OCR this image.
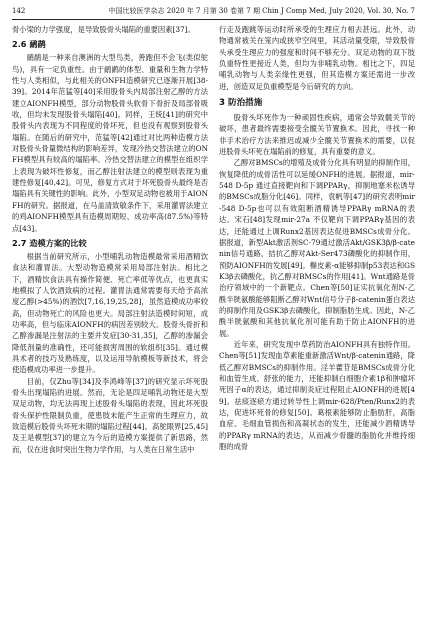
142	中国比较医学杂志 2020 年 7 月第 30 卷第 7 期 Chin J Comp Med, July 2020, Vol. 30, No. 7

骨小梁的力学强度，是导致股骨头塌陷的重要因素[37]。

2.6 鸸鹋

鸸鹋是一种来自澳洲的大型鸟类，善跑但不会飞(类似鸵鸟)，具有一定负重性。由于鸸鹋的体型、重量和生物力学特性与人类相似，与此相关的ONFH造模研究已逐渐开展[38-39]。2014年范猛等[40]采用股骨头内局部注射乙醇的方法建立AIONFH模型，部分动物股骨头软骨下骨折及局部骨吸收，但均未发现股骨头塌陷[40]。同样，王统[41]的研究中股骨头内表现为不同程度的骨坏死，但也没有观察到股骨头塌陷。在随后的研究中，范猛等[42]通过对比两种造模方法对股骨头骨量微结构的影响差异，发现冷热交替法建立的ONFH模型具有较高的塌陷率。冷热交替法建立的模型在组织学上表现为破坏性修复，而乙醇注射法建立的模型则表现为重建性修复[40,42]。可见，修复方式对于坏死股骨头最终是否塌陷具有关键性的影响。此外，小型双足动物也被用于AIONFH的研究。据报道，在马盖清致敏条件下，采用灌胃法建立的鸡AIONFH模型具有造模周期短、成功率高(87.5%)等特点[43]。

2.7 造模方案的比较

根据当前研究所示，小型哺乳动物造模最常采用酒精饮食法和灌胃法。大型动物造模常采用局部注射法。相比之下，酒精饮食法具有操作简便、死亡率低等优点，也更真实地模拟了人饮酒致病的过程。灌胃法通常需要每天给予高浓度乙醇(>45%)的酒饮[7,16,19,25,28]，虽然造模成功率较高，但动物死亡的风险也更大。局部注射法造模时间短，成功率高，但与临床AIONFH的病因差别较大。股骨头骨折和乙醇渗漏是注射法的主要并发症[30-31,35]，乙醇的渗漏会降低剂量的准确性，还可能损害周围的软组织[35]。通过模具术者的技巧及熟练度，以及运用导航模板等新技术，将会使造模成功率进一步提升。

目前，仅Zhu等[34]及李鸿峰等[37]的研究显示坏死股骨头出现塌陷的进展。然而，无论是四足哺乳动物还是大型双足动物，均无法再现上述股骨头塌陷的表现，因此坏死股骨头保护性限制负重，使患肢未能产生正常的生理应力，故致造模后股骨头坏死未期的塌陷过程[44]。高鸵眼界[25,45]及王是模型[37]的建立为今后的造模方案提供了新思路，然而，仅在进食时突出生物力学作用，与人类在日常生活中

行走及跑跳等运动时所承受的生理应力相去甚远。此外，动物通常被关在笼内或狭窄空间里，其活动量受限，导致股骨头承受生理应力的强度和时间不够充分。双足动物的双下肢负重特性更接近人类，但均为非哺乳动物。相比之下，四足哺乳动物与人类亲缘性更强，但其造模方案还需进一步改进，创造双足负重模型是今后研究的方向。

3 防治措施

股骨头坏死作为一种顽固性疾病，通常会导致髋关节的破坏，患者最终需要接受全髋关节置换术。因此，寻找一种非手术治疗方法来推迟或减少全髋关节置换术的需要，以促进股骨头坏死在塌陷前的修复，具有重要的意义。

乙醇对BMSCs的增殖及成骨分化具有明显的抑制作用，恢复降低的成骨活性可以延缓ONFH的进展。据报道，mir-548 D-5p 通过直接靶向和下调PPARγ，抑制地塞米松诱导的BMSCs成脂分化[46]。同样，袁帆等[47]的研究表明mir-548 D-5p也可以有效阻断酒精诱导PPARγ mRNA的表达。宋石[48]发现mir-27a 不仅靶向下调PPARγ基因的表达，还能通过上调Runx2基因表达促进BMSCs成骨分化。据报道，新型Akt激活剂SC-79通过激活Akt/GSK3β/β-catenin信号通路，拮抗乙醇对Akt-Ser473磷酸化的抑制作用，预防AIONFH的发展[49]。槲皮素-α能够抑制p53表达和GSK3β去磷酸化，抗乙醇对BMSCs的作用[41]。Wnt通路是骨治疗领域中的一个新靶点。Chen等[50]证实抗氧化剂N-乙酰半胱氨酸能够阻断乙醇对Wnt信号分子β-catenin蛋白表达的抑制作用及GSK3β去磷酸化，抑制脂肪生成。因此，N-乙酰半胱氨酸和其他抗氧化剂可能有助于防止AIONFH的进展。

近年来，研究发现中草药防治AIONFH具有独特作用。Chen等[51]发现血草素能重新激活Wnt/β-catenin通路，降低乙醇对BMSCs的抑制作用。淫羊藿苷是BMSCs成骨分化和血管生成、舒张的能力，还能抑制白细胞介素1β和肿瘤坏死因子α的表达，通过抑制炎症过程阻止AIONFH的进展[49]。祛痰逐瘀方通过转导性上调mir-628/Pten/Runx2的表达，促进坏死骨的修复[50]。葛根素能够防止脂肪肝，高脂血症、毛细血管损伤和高凝状态的发生，还能减少酒精诱导的PPARγ mRNA的表达，从而减少骨髓的脂肪化并维持细胞的成骨
